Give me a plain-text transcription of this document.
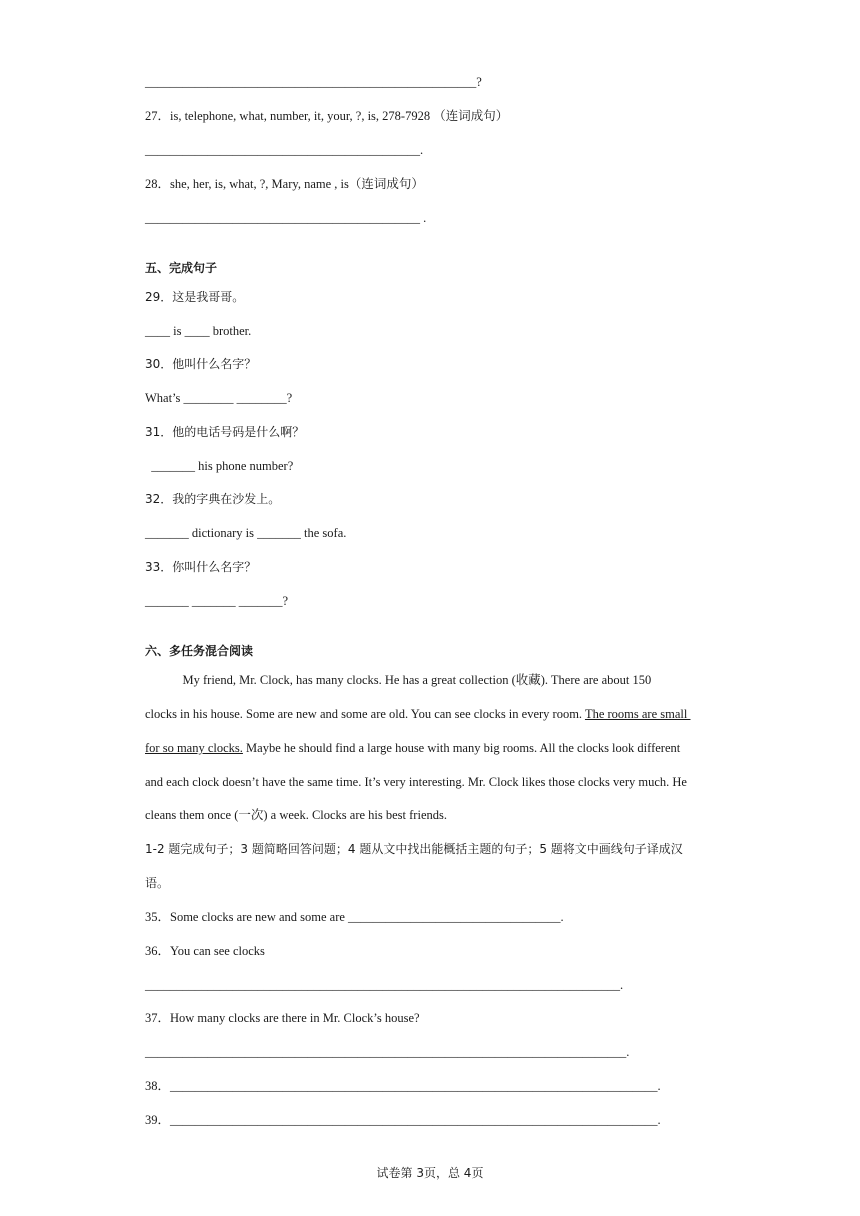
_____________________________________________________?
27．is, telephone, what, number, it, your, ?, is, 278-7928 （连词成句）
____________________________________________.
28．she, her, is, what, ?, Mary, name , is（连词成句）
____________________________________________ .
五、完成句子
29．这是我哥哥。
____ is ____ brother.
30．他叫什么名字？
What’s ________ ________?
31．他的电话号码是什么啊？
_______ his phone number?
32．我的字典在沙发上。
_______ dictionary is _______ the sofa.
33．你叫什么名字？
_______ _______ _______?
六、多任务混合阅读
My friend, Mr. Clock, has many clocks. He has a great collection (收藏). There are about 150
clocks in his house. Some are new and some are old. You can see clocks in every room. The rooms are small
for so many clocks. Maybe he should find a large house with many big rooms. All the clocks look different
and each clock doesn’t have the same time. It’s very interesting. Mr. Clock likes those clocks very much. He
cleans them once (一次) a week. Clocks are his best friends.
1-2 题完成句子；3 题简略回答问题；4 题从文中找出能概括主题的句子；5 题将文中画线句子译成汉
语。
35．Some clocks are new and some are __________________________________.
36．You can see clocks
____________________________________________________________________________.
37．How many clocks are there in Mr. Clock’s house?
_____________________________________________________________________________.
38．______________________________________________________________________________.
39．______________________________________________________________________________.
试卷第 3页，总 4页
